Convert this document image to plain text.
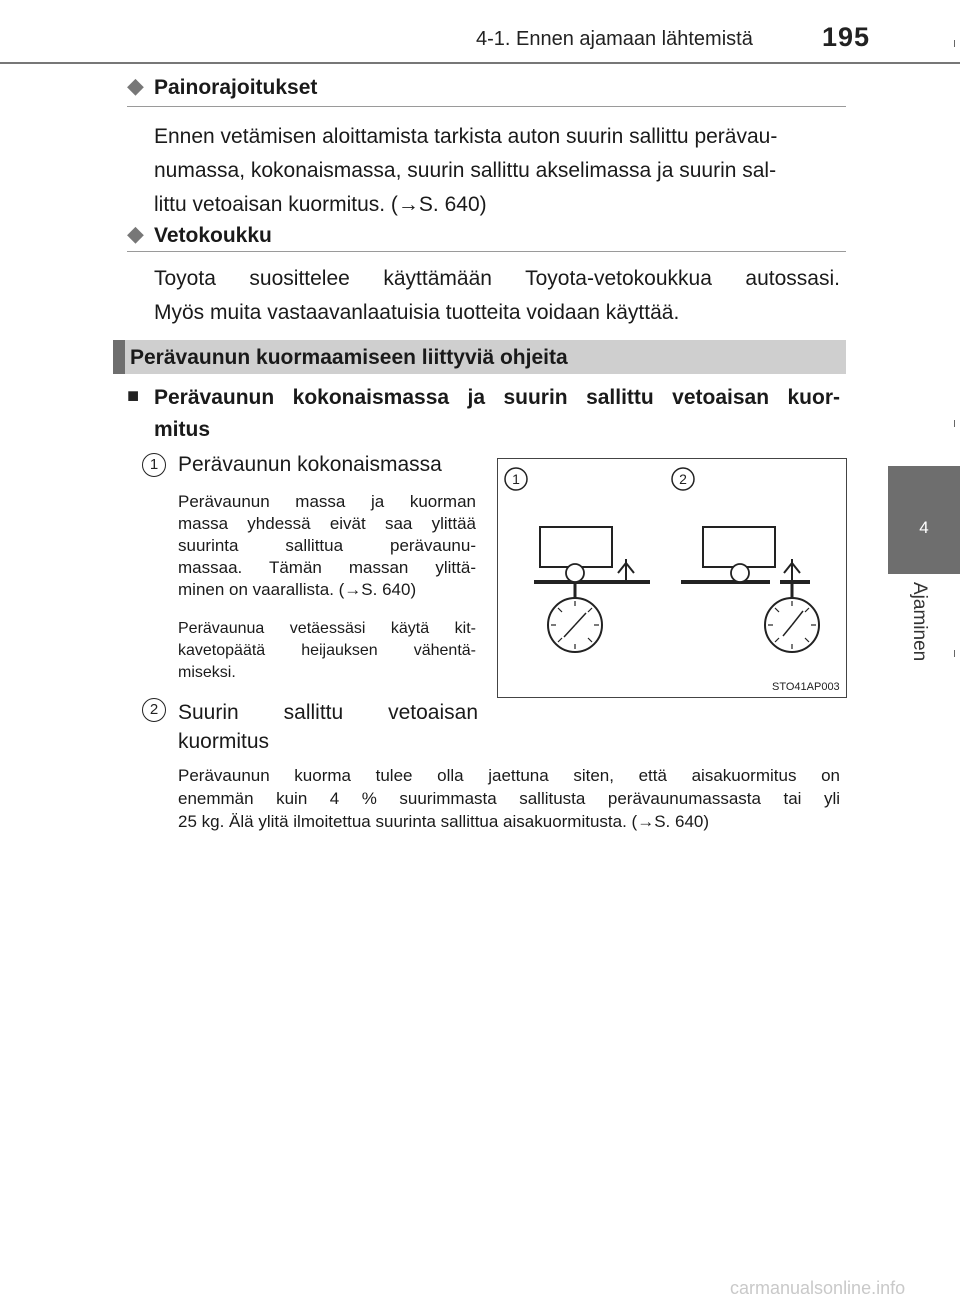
4-1. Ennen ajamaan lähtemistä	195
4
Ajaminen
◆ Painorajoitukset
Ennen vetämisen aloittamista tarkista auton suurin sallittu perävau-
numassa, kokonaismassa, suurin sallittu akselimassa ja suurin sal-
littu vetoaisan kuormitus. (→S. 640)
◆ Vetokoukku
Toyota suosittelee käyttämään Toyota-vetokoukkua autossasi.
Myös muita vastaavanlaatuisia tuotteita voidaan käyttää.
Perävaunun kuormaamiseen liittyviä ohjeita
■ Perävaunun kokonaismassa ja suurin sallittu vetoaisan kuor-
mitus
1 Perävaunun kokonaismassa
Perävaunun massa ja kuorman
massa yhdessä eivät saa ylittää
suurinta sallittua perävaunu-
massaa. Tämän massan ylittä-
minen on vaarallista. (→S. 640)
Perävaunua vetäessäsi käytä kit-
kavetopäätä heijauksen vähentä-
miseksi.
2 Suurin sallittu vetoaisan
kuormitus
Perävaunun kuorma tulee olla jaettuna siten, että aisakuormitus on
enemmän kuin 4 % suurimmasta sallitusta perävaunumassasta tai yli
25 kg. Älä ylitä ilmoitettua suurinta sallittua aisakuormitusta. (→S. 640)
1	2
STO41AP003
carmanualsonline.info
